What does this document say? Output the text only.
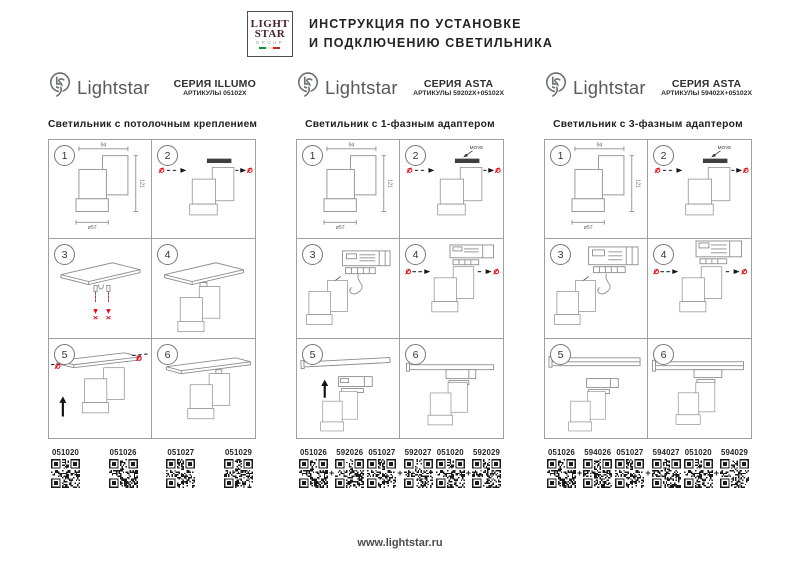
LIGHT
STAR
GROUP
ИНСТРУКЦИЯ ПО УСТАНОВКЕ
И ПОДКЛЮЧЕНИЮ СВЕТИЛЬНИКА
Lightstar СЕРИЯ ILLUMO
АРТИКУЛЫ 05102X
Светильник с потолочным креплением
1
94
121
ø57
2
3	4
5	6
051020	051026	051027	051029
Lightstar	СЕРИЯ ASTA
АРТИКУЛЫ 59202X+05102X
Светильник с 1-фазным адаптером
1
94
121
ø57
2
MOVE
3	4
5	6
051026
+
592026 051027
+
592027 051020
+
592029
Lightstar	СЕРИЯ ASTA
АРТИКУЛЫ 59402X+05102X
Светильник с 3-фазным адаптером
1
94
121
ø57
2
MOVE
3	4
5	6
051026
+
594026 051027
+
594027 051020
+
594029
www.lightstar.ru
